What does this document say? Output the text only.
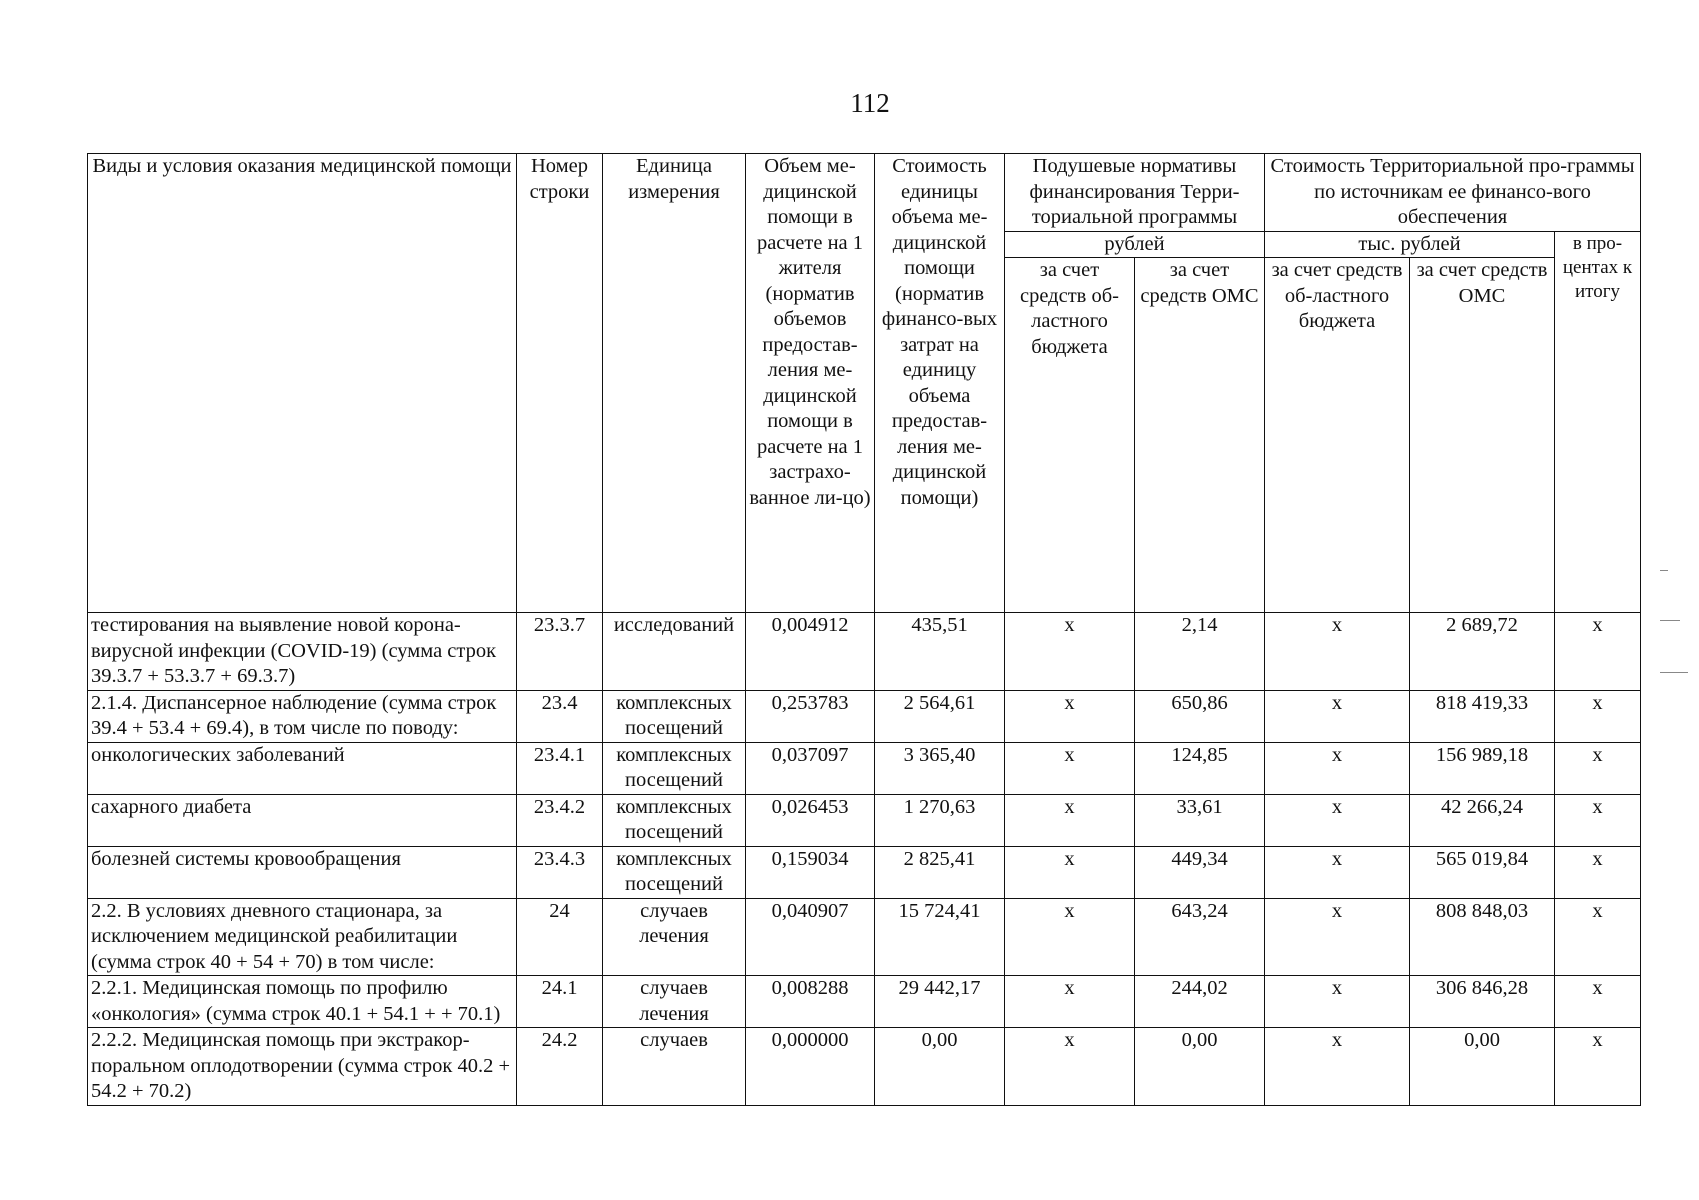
112
Виды и условия оказания медицинской помощи	Номер строки	Единица измерения	Объем ме-дицинской помощи в расчете на 1 жителя (норматив объемов предостав-ления ме-дицинской помощи в расчете на 1 застрахо-ванное ли-цо)	Стоимость единицы объема ме-дицинской помощи (норматив финансо-вых затрат на единицу объема предостав-ления ме-дицинской помощи)	Подушевые нормативы финансирования Терри-ториальной программы		Стоимость Территориальной про-граммы по источникам ее финансо-вого обеспечения		
					рублей		тыс. рублей		в про-центах к итогу
					за счет средств об-ластного бюджета	за счет средств ОМС	за счет средств об-ластного бюджета	за счет средств ОМС	
тестирования на выявление новой корона-вирусной инфекции (COVID-19) (сумма строк 39.3.7 + 53.3.7 + 69.3.7)	23.3.7	исследований	0,004912	435,51	х	2,14	х	2 689,72	х
2.1.4. Диспансерное наблюдение (сумма строк 39.4 + 53.4 + 69.4), в том числе по поводу:	23.4	комплексных посещений	0,253783	2 564,61	х	650,86	х	818 419,33	х
онкологических заболеваний	23.4.1	комплексных посещений	0,037097	3 365,40	х	124,85	х	156 989,18	х
сахарного диабета	23.4.2	комплексных посещений	0,026453	1 270,63	х	33,61	х	42 266,24	х
болезней системы кровообращения	23.4.3	комплексных посещений	0,159034	2 825,41	х	449,34	х	565 019,84	х
2.2. В условиях дневного стационара, за исключением медицинской реабилитации (сумма строк 40 + 54 + 70) в том числе:	24	случаев лечения	0,040907	15 724,41	х	643,24	х	808 848,03	х
2.2.1. Медицинская помощь по профилю «онкология» (сумма строк 40.1 + 54.1 + + 70.1)	24.1	случаев лечения	0,008288	29 442,17	х	244,02	х	306 846,28	х
2.2.2. Медицинская помощь при экстракор-поральном оплодотворении (сумма строк 40.2 + 54.2 + 70.2)	24.2	случаев	0,000000	0,00	х	0,00	х	0,00	х
